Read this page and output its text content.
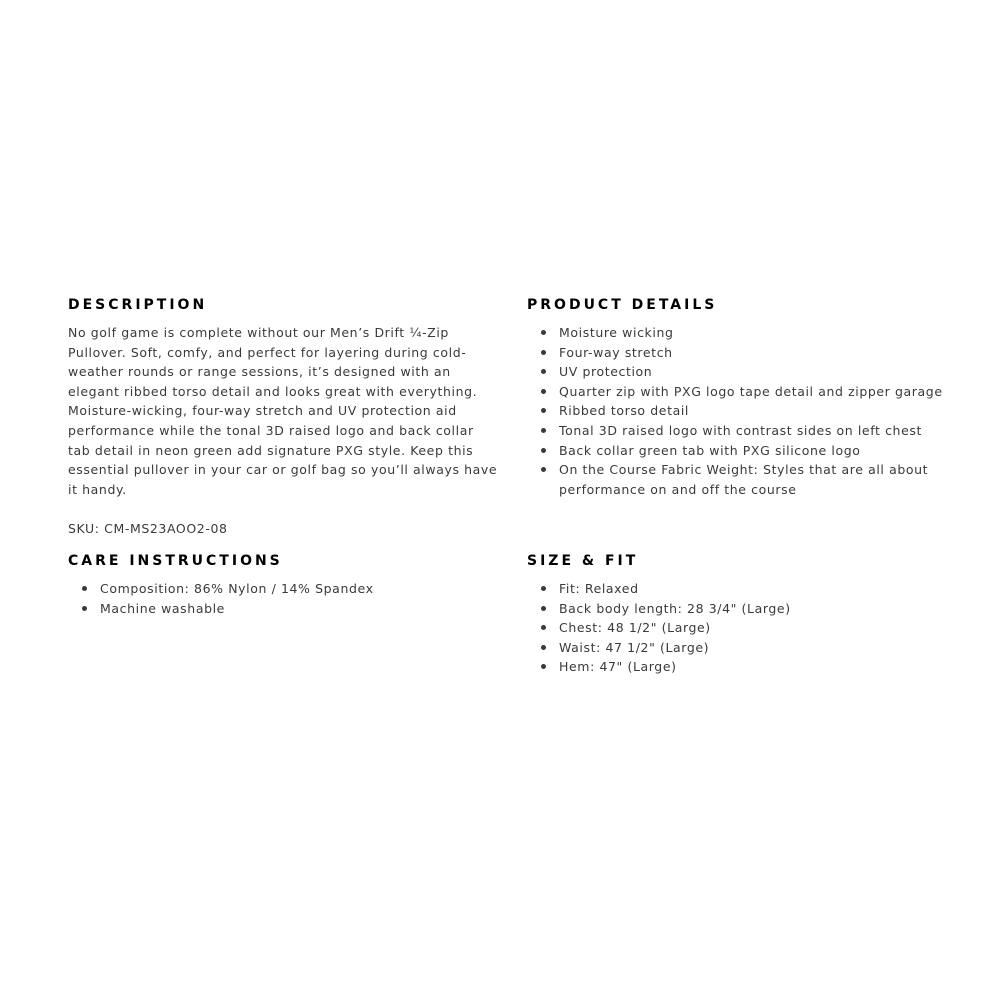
DESCRIPTION

No golf game is complete without our Men’s Drift ¼-Zip Pullover. Soft, comfy, and perfect for layering during cold-weather rounds or range sessions, it’s designed with an elegant ribbed torso detail and looks great with everything. Moisture-wicking, four-way stretch and UV protection aid performance while the tonal 3D raised logo and back collar tab detail in neon green add signature PXG style. Keep this essential pullover in your car or golf bag so you’ll always have it handy.

SKU: CM-MS23AOO2-08

PRODUCT DETAILS
Moisture wicking
Four-way stretch
UV protection
Quarter zip with PXG logo tape detail and zipper garage
Ribbed torso detail
Tonal 3D raised logo with contrast sides on left chest
Back collar green tab with PXG silicone logo
On the Course Fabric Weight: Styles that are all about performance on and off the course
CARE INSTRUCTIONS
Composition: 86% Nylon / 14% Spandex
Machine washable
SIZE & FIT
Fit: Relaxed
Back body length: 28 3/4" (Large)
Chest: 48 1/2" (Large)
Waist: 47 1/2" (Large)
Hem: 47" (Large)
